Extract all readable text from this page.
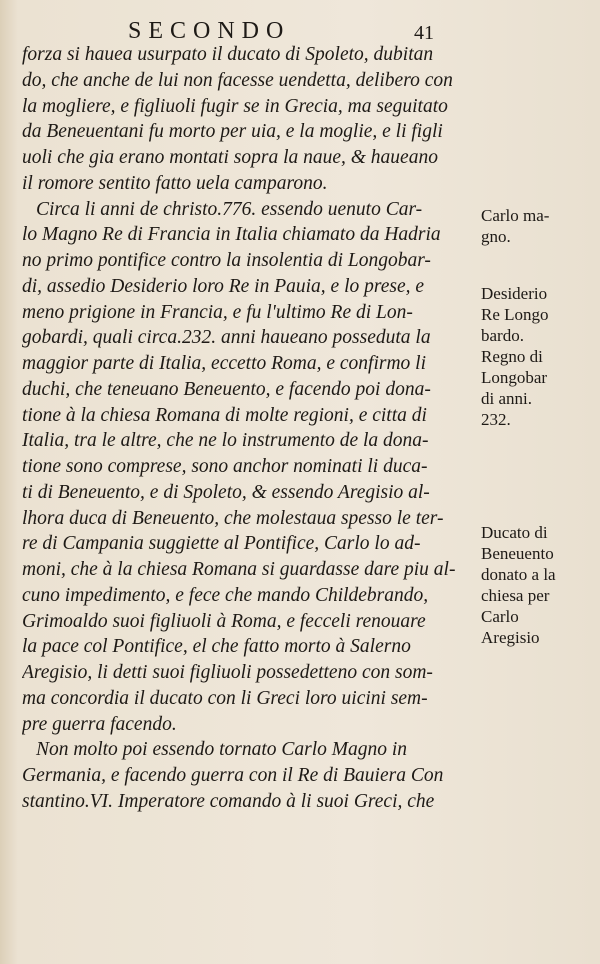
SECONDO	41
forza si hauea usurpato il ducato di Spoleto, dubitan
do, che anche de lui non facesse uendetta, delibero con
la mogliere, e figliuoli fugir se in Grecia, ma seguitato
da Beneuentani fu morto per uia, e la moglie, e li figli
uoli che gia erano montati sopra la naue, & haueano
il romore sentito fatto uela camparono.
Circa li anni de christo.776. essendo uenuto Car-
lo Magno Re di Francia in Italia chiamato da Hadria
no primo pontifice contro la insolentia di Longobar-
di, assedio Desiderio loro Re in Pauia, e lo prese, e
meno prigione in Francia, e fu l'ultimo Re di Lon-
gobardi, quali circa.232. anni haueano possedutа la
maggior parte di Italia, eccetto Roma, e confirmo li
duchi, che teneuano Beneuento, e facendo poi dona-
tione à la chiesa Romana di molte regioni, e citta di
Italia, tra le altre, che ne lo instrumento de la dona-
tione sono comprese, sono anchor nominati li duca-
ti di Beneuento, e di Spoleto, & essendo Aregisio al-
lhora duca di Beneuento, che molestaua spesso le ter-
re di Campania suggiette al Pontifice, Carlo lo ad-
moni, che à la chiesa Romana si guardasse dare piu al-
cuno impedimento, e fece che mando Childebrando,
Grimoaldo suoi figliuoli à Roma, e fecceli renouare
la pace col Pontifice, el che fatto morto à Salerno
Aregisio, li detti suoi figliuoli possedetteno con som-
ma concordia il ducato con li Greci loro uicini sem-
pre guerra facendo.
Non molto poi essendo tornato Carlo Magno in
Germania, e facendo guerra con il Re di Bauiera Con
stantino.VI. Imperatore comando à li suoi Greci, che
Carlo ma-
gno.
Desiderio
Re Longo
bardo.
Regno di
Longobar
di anni.
232.
Ducato di
Beneuento
donato a la
chiesa per
Carlo
Aregisio
